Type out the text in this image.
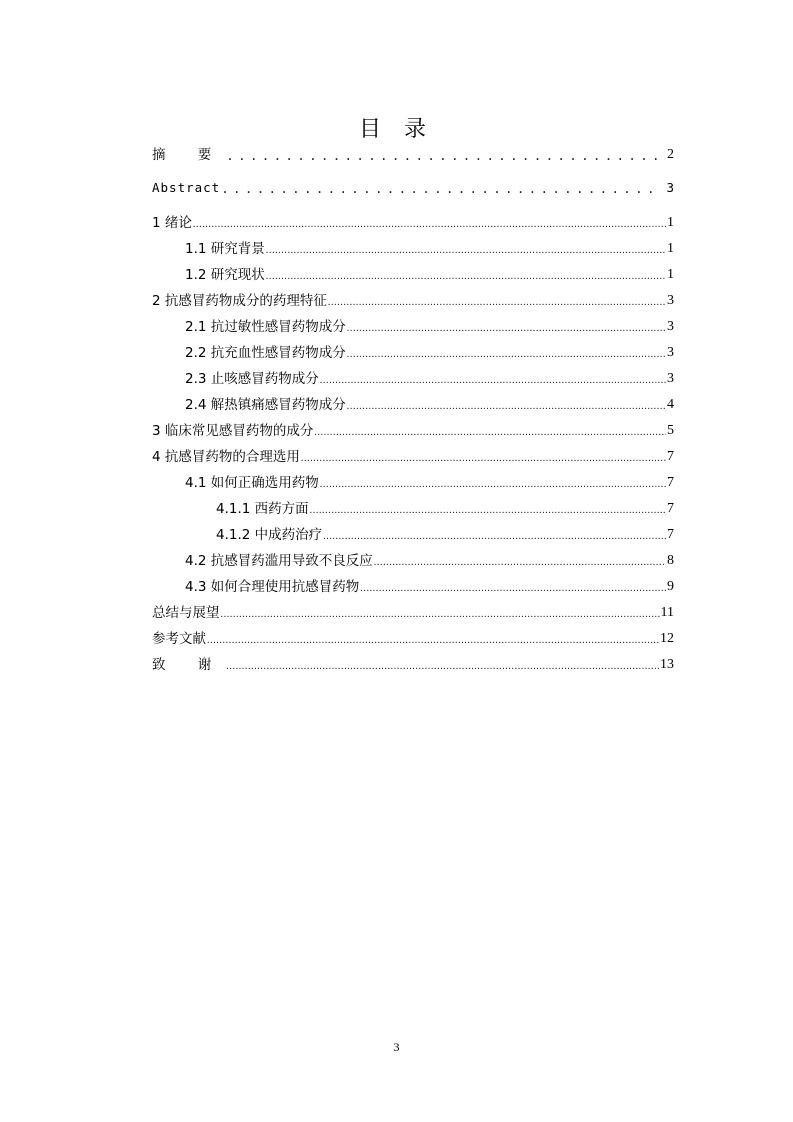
目 录
摘 要 .....	2
Abstract .....	3
1 绪论 .....	1
1.1 研究背景 .....	1
1.2 研究现状 .....	1
2 抗感冒药物成分的药理特征 .....	3
2.1 抗过敏性感冒药物成分 .....	3
2.2 抗充血性感冒药物成分 .....	3
2.3 止咳感冒药物成分 .....	3
2.4 解热镇痛感冒药物成分 .....	4
3 临床常见感冒药物的成分 .....	5
4 抗感冒药物的合理选用 .....	7
4.1 如何正确选用药物 .....	7
4.1.1 西药方面 .....	7
4.1.2 中成药治疗 .....	7
4.2 抗感冒药滥用导致不良反应 .....	8
4.3 如何合理使用抗感冒药物 .....	9
总结与展望 .....	11
参考文献 .....	12
致 谢 .....	13
3
